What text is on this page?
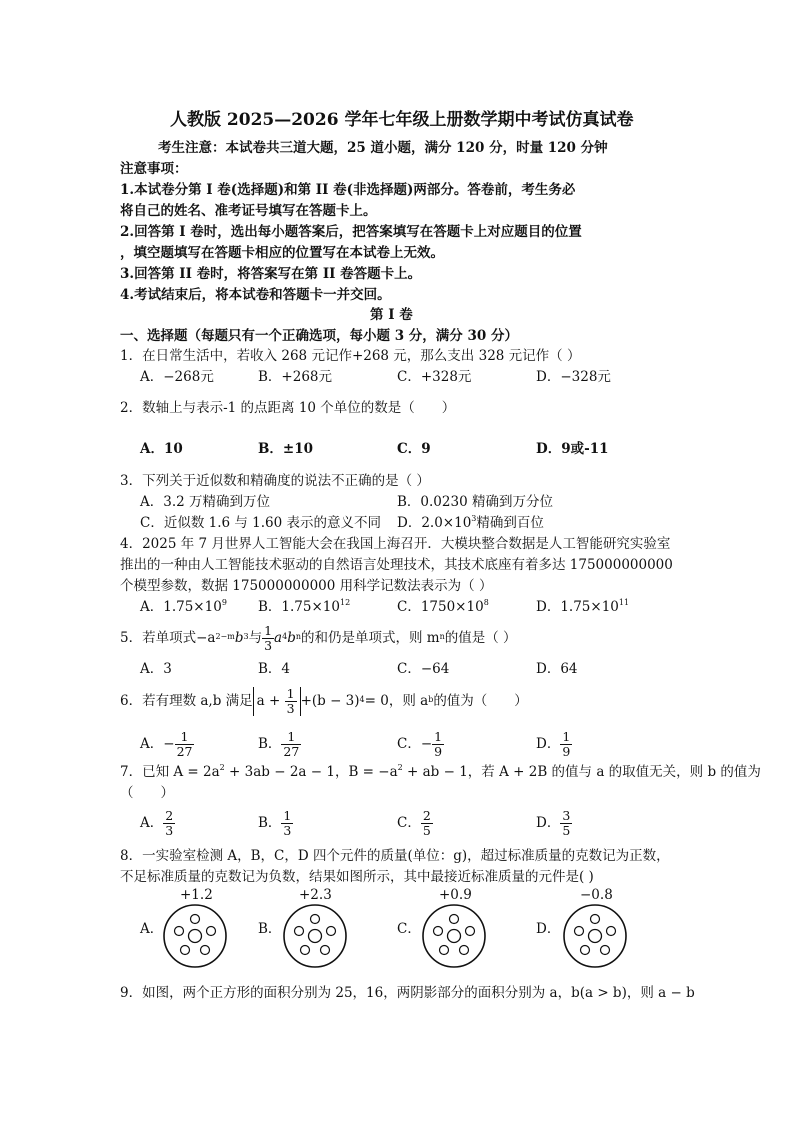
人教版 2025—2026 学年七年级上册数学期中考试仿真试卷
考生注意：本试卷共三道大题，25 道小题，满分 120 分，时量 120 分钟
注意事项：
1.本试卷分第 I 卷(选择题)和第 II 卷(非选择题)两部分。答卷前，考生务必
将自己的姓名、准考证号填写在答题卡上。
2.回答第 I 卷时，选出每小题答案后，把答案填写在答题卡上对应题目的位置
，填空题填写在答题卡相应的位置写在本试卷上无效。
3.回答第 II 卷时，将答案写在第 II 卷答题卡上。
4.考试结束后，将本试卷和答题卡一并交回。
第 I 卷
一、选择题（每题只有一个正确选项，每小题 3 分，满分 30 分）
1．在日常生活中，若收入 268 元记作+268 元，那么支出 328 元记作（ ）
A．−268元	B．+268元	C．+328元	D．−328元
2．数轴上与表示-1 的点距离 10 个单位的数是（　　）
A．10	B．±10	C．9	D．9或-11
3．下列关于近似数和精确度的说法不正确的是（ ）
A．3.2 万精确到万位	B．0.0230 精确到万分位
C．近似数 1.6 与 1.60 表示的意义不同 D．$2.0\times 10^3$精确到百位
4．2025 年 7 月世界人工智能大会在我国上海召开．大模块整合数据是人工智能研究实验室
推出的一种由人工智能技术驱动的自然语言处理技术，其技术底座有着多达 175000000000
个模型参数，数据 175000000000 用科学记数法表示为（ ）
A．$1.75\times 10^9$ B．$1.75\times 10^{12}$	C．$1750\times 10^8$	D．$1.75\times 10^{11}$
5．若单项式$-a^{2-m}$ $b^3$ 与 $\frac{1}{3} a^4$ $b^n$ 的和仍是单项式，则 $m^n$ 的值是（ ）
A．3	B．4	C．−64	D．64
6．若有理数 a,b 满足 $a + \frac{1}{3} +(b - 3)^4 = 0$，则 $a^b$ 的值为（　　）
A． − $\frac{1}{27}$	B． $\frac{1}{27}$	C． − $\frac{1}{9}$	D． $\frac{1}{9}$
7．已知 $A = 2a^2 + 3ab - 2a - 1$，$B = -a^2$ + ab − 1，若 A + 2B 的值与 a 的取值无关，则 b 的值为
（　　）
A． $\frac{2}{3}$	B． $\frac{1}{3}$	C． $\frac{2}{5}$	D． $\frac{3}{5}$
8．一实验室检测 A，B，C，D 四个元件的质量(单位：g)，超过标准质量的克数记为正数，
不足标准质量的克数记为负数，结果如图所示，其中最接近标准质量的元件是( )
+1.2	+2.3	+0.9	−0.8
A．	B．	C．	D．
9．如图，两个正方形的面积分别为 25，16，两阴影部分的面积分别为 a，b(a > b)，则 a − b
